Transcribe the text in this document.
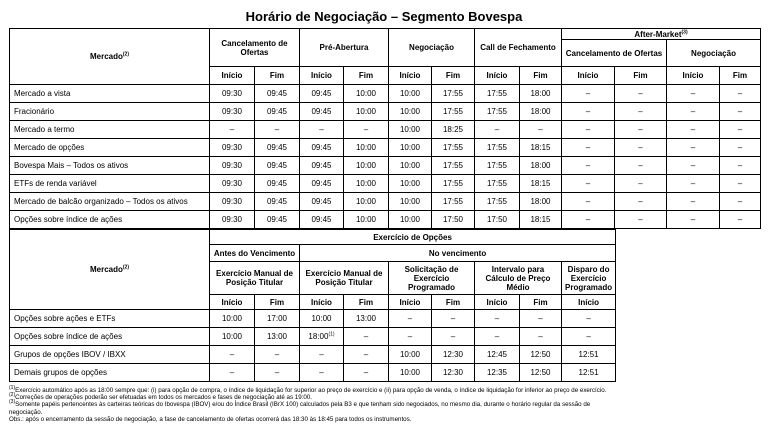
Horário de Negociação – Segmento Bovespa
Mercado$^{(2)}$	Cancelamento de Ofertas		Pré-Abertura		Negociação		Call de Fechamento		After-Market$^{(3)}$
									Cancelamento de Ofertas		Negociação	
	Início	Fim	Início	Fim	Início	Fim	Início	Fim	Início	Fim	Início	Fim
Mercado a vista	09:30	09:45	09:45	10:00	10:00	17:55	17:55	18:00	–	–	–	–
Fracionário	09:30	09:45	09:45	10:00	10:00	17:55	17:55	18:00	–	–	–	–
Mercado a termo	–	–	–	–	10:00	18:25	–	–	–	–	–	–
Mercado de opções	09:30	09:45	09:45	10:00	10:00	17:55	17:55	18:15	–	–	–	–
Bovespa Mais – Todos os ativos	09:30	09:45	09:45	10:00	10:00	17:55	17:55	18:00	–	–	–	–
ETFs de renda variável	09:30	09:45	09:45	10:00	10:00	17:55	17:55	18:15	–	–	–	–
Mercado de balcão organizado – Todos os ativos	09:30	09:45	09:45	10:00	10:00	17:55	17:55	18:00	–	–	–	–
Opções sobre índice de ações	09:30	09:45	09:45	10:00	10:00	17:50	17:50	18:15	–	–	–	–
Mercado$^{(2)}$	Exercício de Opções								
	Antes do Vencimento		No vencimento						
	Exercício Manual de Posição Titular		Exercício Manual de Posição Titular		Solicitação de Exercício Programado		Intervalo para Cálculo de Preço Médio		Disparo do Exercício Programado
	Início	Fim	Início	Fim	Início	Fim	Início	Fim	Início
Opções sobre ações e ETFs	10:00	17:00	10:00	13:00	–	–	–	–	–
Opções sobre índice de ações	10:00	13:00	18:00$^{(1)}$	–	–	–	–	–	–
Grupos de opções IBOV / IBXX	–	–	–	–	10:00	12:30	12:45	12:50	12:51
Demais grupos de opções	–	–	–	–	10:00	12:30	12:35	12:50	12:51
$^{(1)}$Exercício automático após as 18:00 sempre que: (i) para opção de compra, o índice de liquidação for superior ao preço de exercício e (ii) para opção de venda, o índice de liquidação for inferior ao preço de exercício.
$^{(2)}$Correções de operações poderão ser efetuadas em todos os mercados e fases de negociação até as 19:00.
$^{(3)}$Somente papéis pertencentes às carteiras teóricas do Ibovespa (IBOV) e/ou do Índice Brasil (IBrX 100) calculados pela B3 e que tenham sido negociados, no mesmo dia, durante o horário regular da sessão de
negociação.
Obs.: após o encerramento da sessão de negociação, a fase de cancelamento de ofertas ocorrerá das 18:30 às 18:45 para todos os instrumentos.
